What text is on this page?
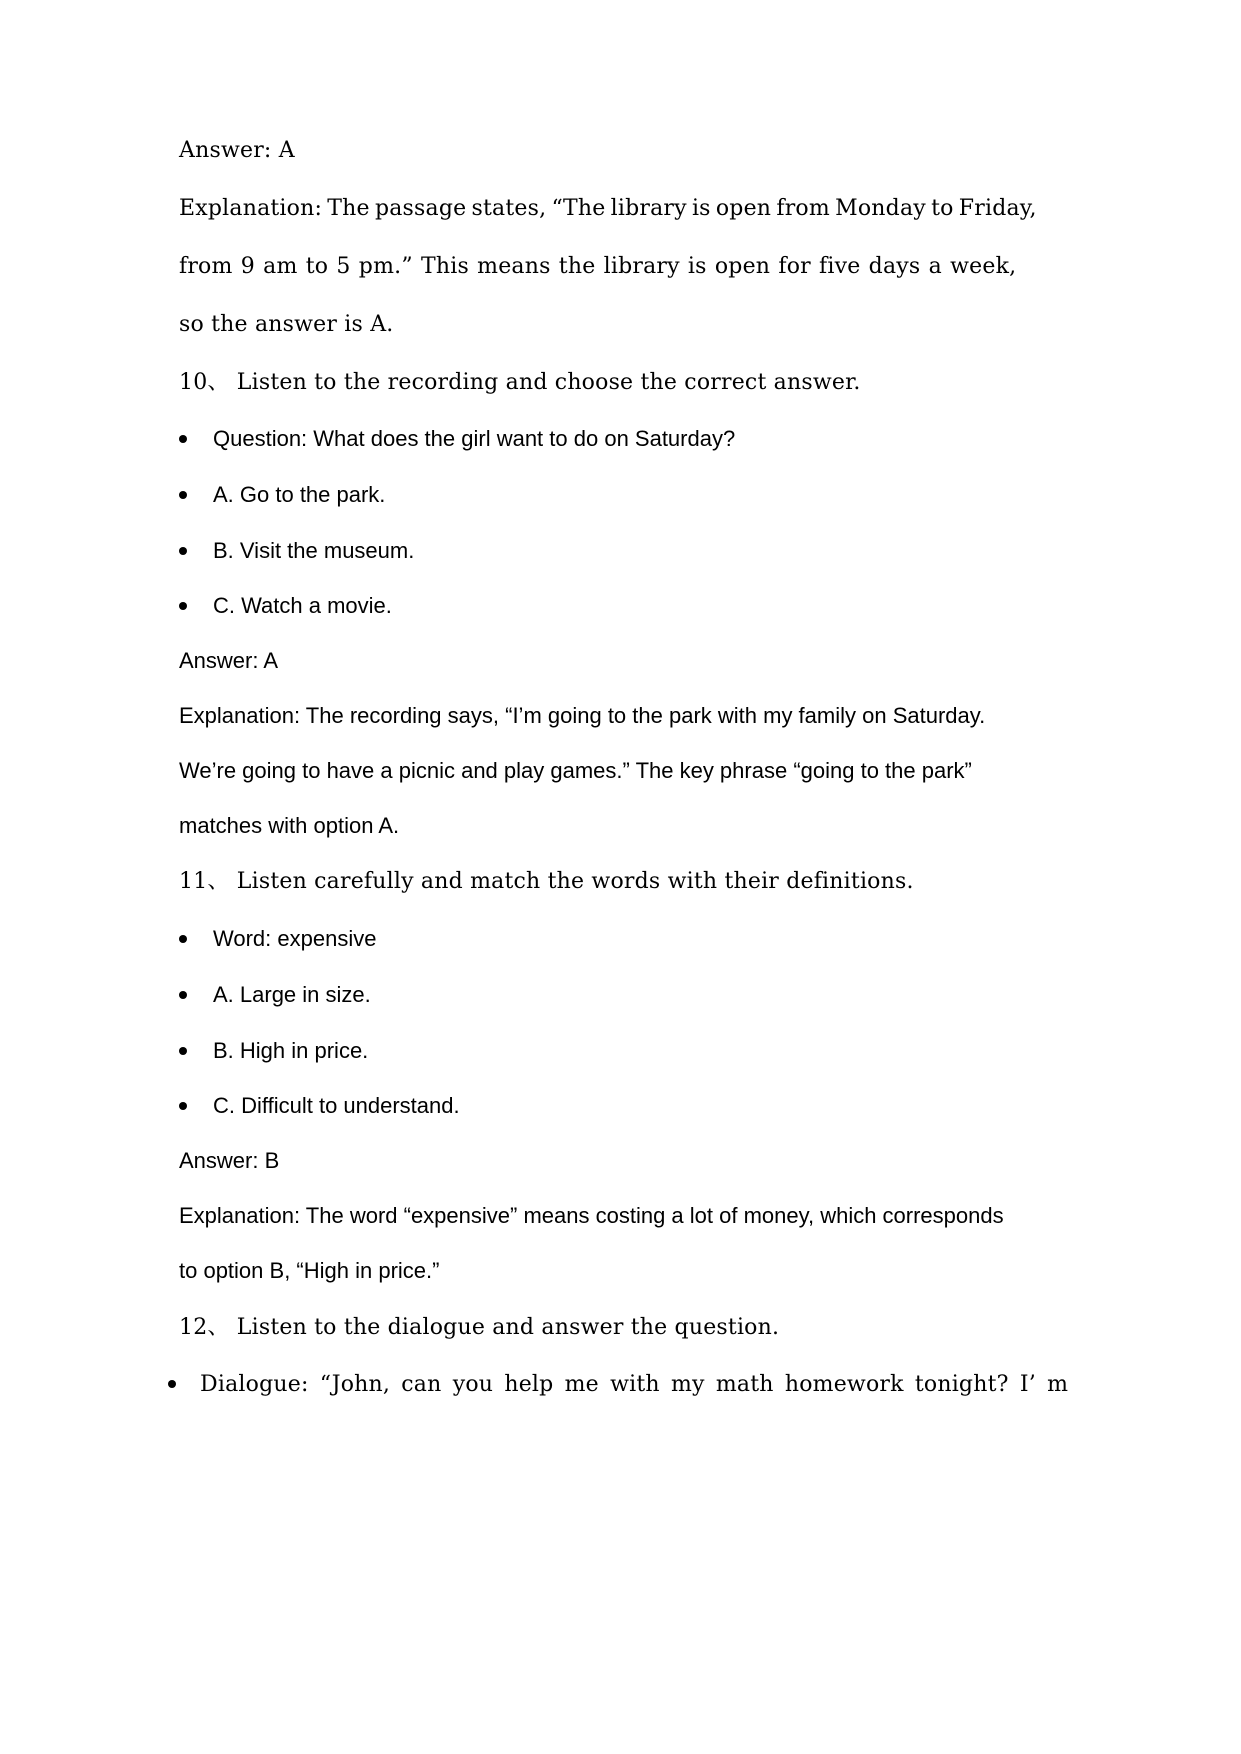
Answer: A
Explanation: The passage states, “The library is open from Monday to Friday,
from 9 am to 5 pm.” This means the library is open for five days a week,
so the answer is A.
10、 Listen to the recording and choose the correct answer.
Question: What does the girl want to do on Saturday?
A. Go to the park.
B. Visit the museum.
C. Watch a movie.
Answer: A
Explanation: The recording says, “I’m going to the park with my family on Saturday.
We’re going to have a picnic and play games.” The key phrase “going to the park”
matches with option A.
11、 Listen carefully and match the words with their definitions.
Word: expensive
A. Large in size.
B. High in price.
C. Difficult to understand.
Answer: B
Explanation: The word “expensive” means costing a lot of money, which corresponds
to option B, “High in price.”
12、 Listen to the dialogue and answer the question.
Dialogue: “John, can you help me with my math homework tonight? I’ m
